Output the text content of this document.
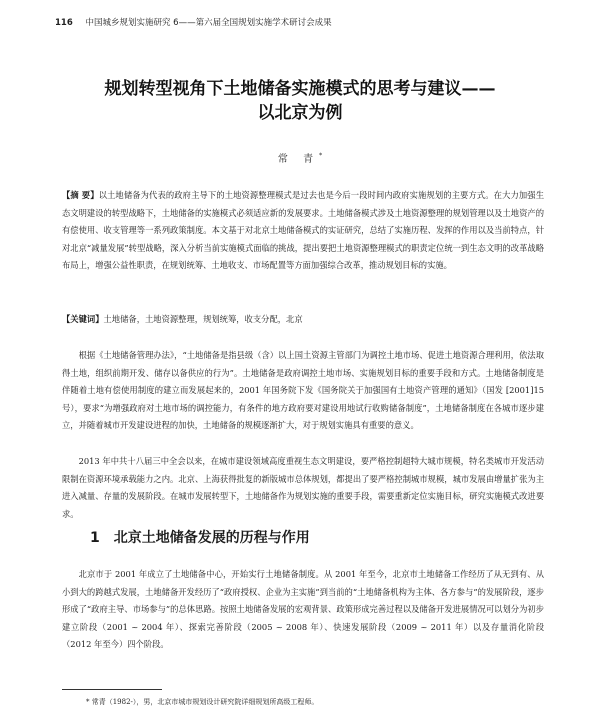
116 中国城乡规划实施研究 6——第六届全国规划实施学术研讨会成果
规划转型视角下土地储备实施模式的思考与建议——
以北京为例
常 青*
【摘 要】以土地储备为代表的政府主导下的土地资源整理模式是过去也是今后一段时间内政府实施规划的主要方式。在大力加强生态文明建设的转型战略下，土地储备的实施模式必须适应新的发展要求。土地储备模式涉及土地资源整理的规划管理以及土地资产的有偿使用、收支管理等一系列政策制度。本文基于对北京土地储备模式的实证研究，总结了实施历程、发挥的作用以及当前特点，针对北京“减量发展”转型战略，深入分析当前实施模式面临的挑战，提出要把土地资源整理模式的职责定位统一到生态文明的改革战略布局上，增强公益性职责，在规划统筹、土地收支、市场配置等方面加强综合改革，推动规划目标的实施。
【关键词】土地储备，土地资源整理，规划统筹，收支分配，北京
根据《土地储备管理办法》，“土地储备是指县级（含）以上国土资源主管部门为调控土地市场、促进土地资源合理利用，依法取得土地，组织前期开发、储存以备供应的行为”。土地储备是政府调控土地市场、实施规划目标的重要手段和方式。土地储备制度是伴随着土地有偿使用制度的建立而发展起来的，2001 年国务院下发《国务院关于加强国有土地资产管理的通知》（国发 [2001]15 号），要求“为增强政府对土地市场的调控能力，有条件的地方政府要对建设用地试行收购储备制度”，土地储备制度在各城市逐步建立，并随着城市开发建设进程的加快，土地储备的规模逐渐扩大，对于规划实施具有重要的意义。
2013 年中共十八届三中全会以来，在城市建设领域高度重视生态文明建设，要严格控制超特大城市规模，特名类城市开发活动限制在资源环境承载能力之内。北京、上海获得批复的新版城市总体规划，都提出了要严格控制城市规模，城市发展由增量扩张为主进入减量、存量的发展阶段。在城市发展转型下，土地储备作为规划实施的重要手段，需要重新定位实施目标，研究实施模式改进要求。
1 北京土地储备发展的历程与作用
北京市于 2001 年成立了土地储备中心，开始实行土地储备制度。从 2001 年至今，北京市土地储备工作经历了从无到有、从小到大的跨越式发展，土地储备开发经历了“政府授权、企业为主实施”到当前的“土地储备机构为主体、各方参与”的发展阶段，逐步形成了“政府主导、市场参与”的总体思路。按照土地储备发展的宏观背景、政策形成完善过程以及储备开发进展情况可以划分为初步建立阶段（2001 ~ 2004 年）、探索完善阶段（2005 ~ 2008 年）、快速发展阶段（2009 ~ 2011 年）以及存量消化阶段（2012 年至今）四个阶段。
* 常青（1982-），男，北京市城市规划设计研究院详细规划所高级工程师。
